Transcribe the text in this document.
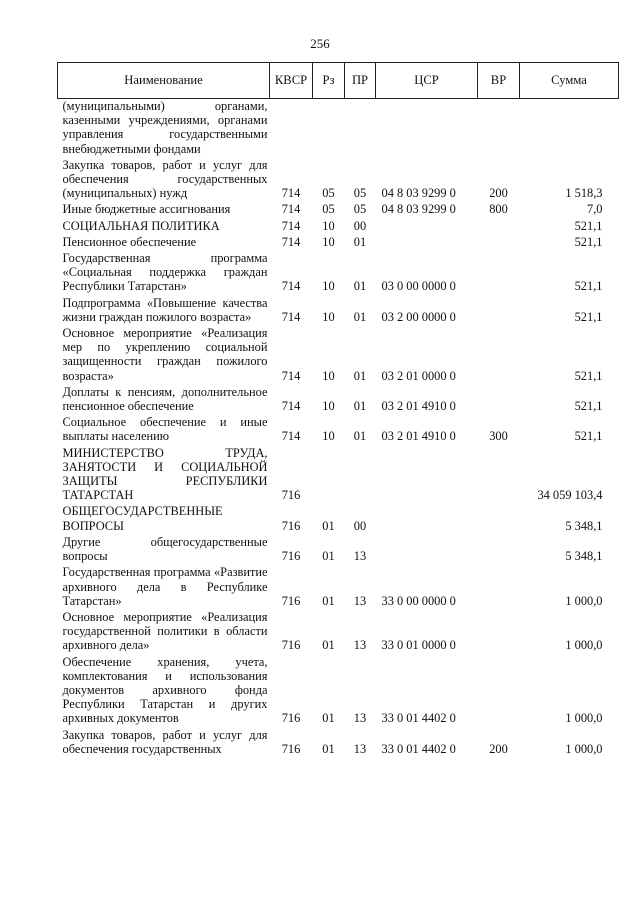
256
Наименование	КВСР	Рз	ПР	ЦСР	ВР	Сумма
(муниципальными) органами, казенными учреждениями, органами управления государственными внебюджетными фондами						
Закупка товаров, работ и услуг для обеспечения государственных (муниципальных) нужд	714	05	05	04 8 03 9299 0	200	1 518,3
Иные бюджетные ассигнования	714	05	05	04 8 03 9299 0	800	7,0
СОЦИАЛЬНАЯ ПОЛИТИКА	714	10	00			521,1
Пенсионное обеспечение	714	10	01			521,1
Государственная программа «Социальная поддержка граждан Республики Татарстан»	714	10	01	03 0 00 0000 0		521,1
Подпрограмма «Повышение качества жизни граждан пожилого возраста»	714	10	01	03 2 00 0000 0		521,1
Основное мероприятие «Реализация мер по укреплению социальной защищенности граждан пожилого возраста»	714	10	01	03 2 01 0000 0		521,1
Доплаты к пенсиям, дополнительное пенсионное обеспечение	714	10	01	03 2 01 4910 0		521,1
Социальное обеспечение и иные выплаты населению	714	10	01	03 2 01 4910 0	300	521,1
МИНИСТЕРСТВО ТРУДА, ЗАНЯТОСТИ И СОЦИАЛЬНОЙ ЗАЩИТЫ РЕСПУБЛИКИ ТАТАРСТАН	716					34 059 103,4
ОБЩЕГОСУДАРСТВЕННЫЕ ВОПРОСЫ	716	01	00			5 348,1
Другие общегосударственные вопросы	716	01	13			5 348,1
Государственная программа «Развитие архивного дела в Республике Татарстан»	716	01	13	33 0 00 0000 0		1 000,0
Основное мероприятие «Реализация государственной политики в области архивного дела»	716	01	13	33 0 01 0000 0		1 000,0
Обеспечение хранения, учета, комплектования и использования документов архивного фонда Республики Татарстан и других архивных документов	716	01	13	33 0 01 4402 0		1 000,0
Закупка товаров, работ и услуг для обеспечения государственных	716	01	13	33 0 01 4402 0	200	1 000,0
